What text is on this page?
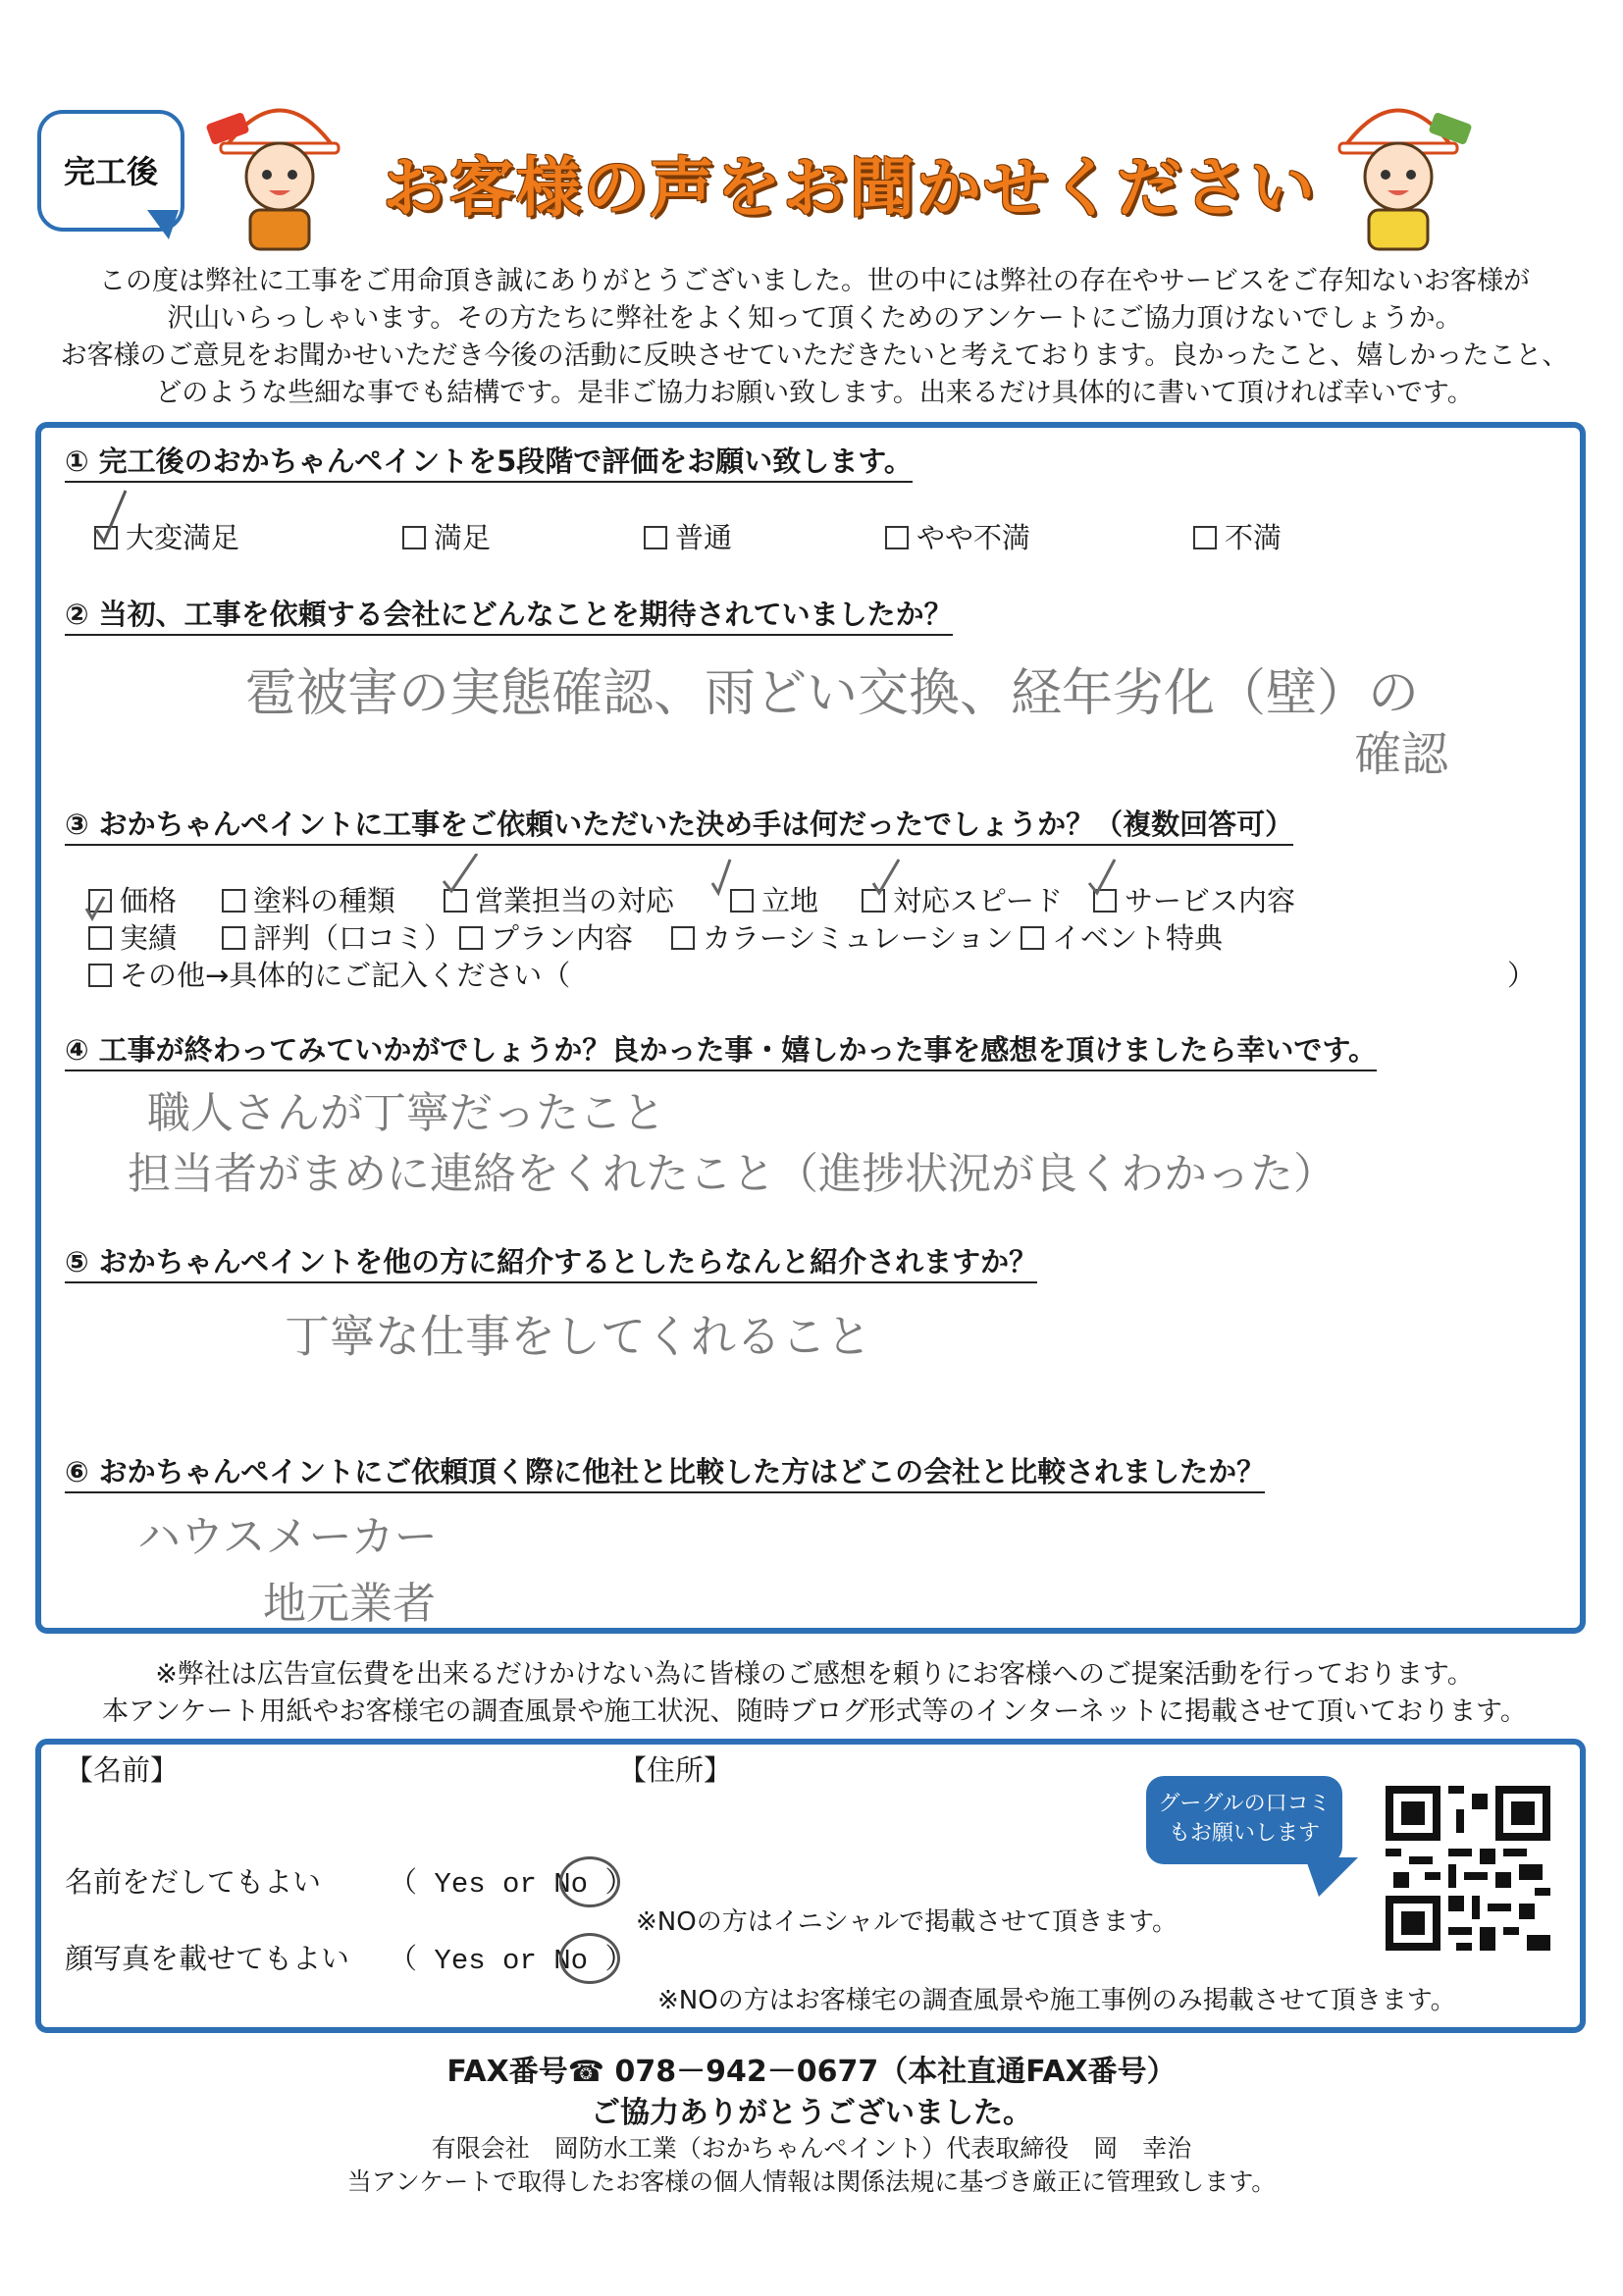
完工後	お客様の声をお聞かせください
この度は弊社に工事をご用命頂き誠にありがとうございました。世の中には弊社の存在やサービスをご存知ないお客様が
沢山いらっしゃいます。その方たちに弊社をよく知って頂くためのアンケートにご協力頂けないでしょうか。
お客様のご意見をお聞かせいただき今後の活動に反映させていただきたいと考えております。良かったこと、嬉しかったこと、
どのような些細な事でも結構です。是非ご協力お願い致します。出来るだけ具体的に書いて頂ければ幸いです。
① 完工後のおかちゃんペイントを5段階で評価をお願い致します。
大変満足	満足	普通	やや不満	不満
② 当初、工事を依頼する会社にどんなことを期待されていましたか？
雹被害の実態確認、雨どい交換、経年劣化（壁）の
確認
③ おかちゃんペイントに工事をご依頼いただいた決め手は何だったでしょうか？（複数回答可）
価格	塗料の種類	営業担当の対応	立地	対応スピード	サービス内容
実績	評判（口コミ）	プラン内容	カラーシミュレーション	イベント特典
その他→具体的にご記入ください（	）
④ 工事が終わってみていかがでしょうか？良かった事・嬉しかった事を感想を頂けましたら幸いです。
職人さんが丁寧だったこと
担当者がまめに連絡をくれたこと（進捗状況が良くわかった）
⑤ おかちゃんペイントを他の方に紹介するとしたらなんと紹介されますか？
丁寧な仕事をしてくれること
⑥ おかちゃんペイントにご依頼頂く際に他社と比較した方はどこの会社と比較されましたか？
ハウスメーカー
地元業者
※弊社は広告宣伝費を出来るだけかけない為に皆様のご感想を頼りにお客様へのご提案活動を行っております。
本アンケート用紙やお客様宅の調査風景や施工状況、随時ブログ形式等のインターネットに掲載させて頂いております。
【名前】	【住所】
名前をだしてもよい （ Yes or No ）
※NOの方はイニシャルで掲載させて頂きます。
顔写真を載せてもよい （ Yes or No ）
※NOの方はお客様宅の調査風景や施工事例のみ掲載させて頂きます。
グーグルの口コミ
もお願いします
FAX番号☎ 078－942－0677（本社直通FAX番号）
ご協力ありがとうございました。
有限会社　岡防水工業（おかちゃんペイント）代表取締役　岡　幸治
当アンケートで取得したお客様の個人情報は関係法規に基づき厳正に管理致します。
